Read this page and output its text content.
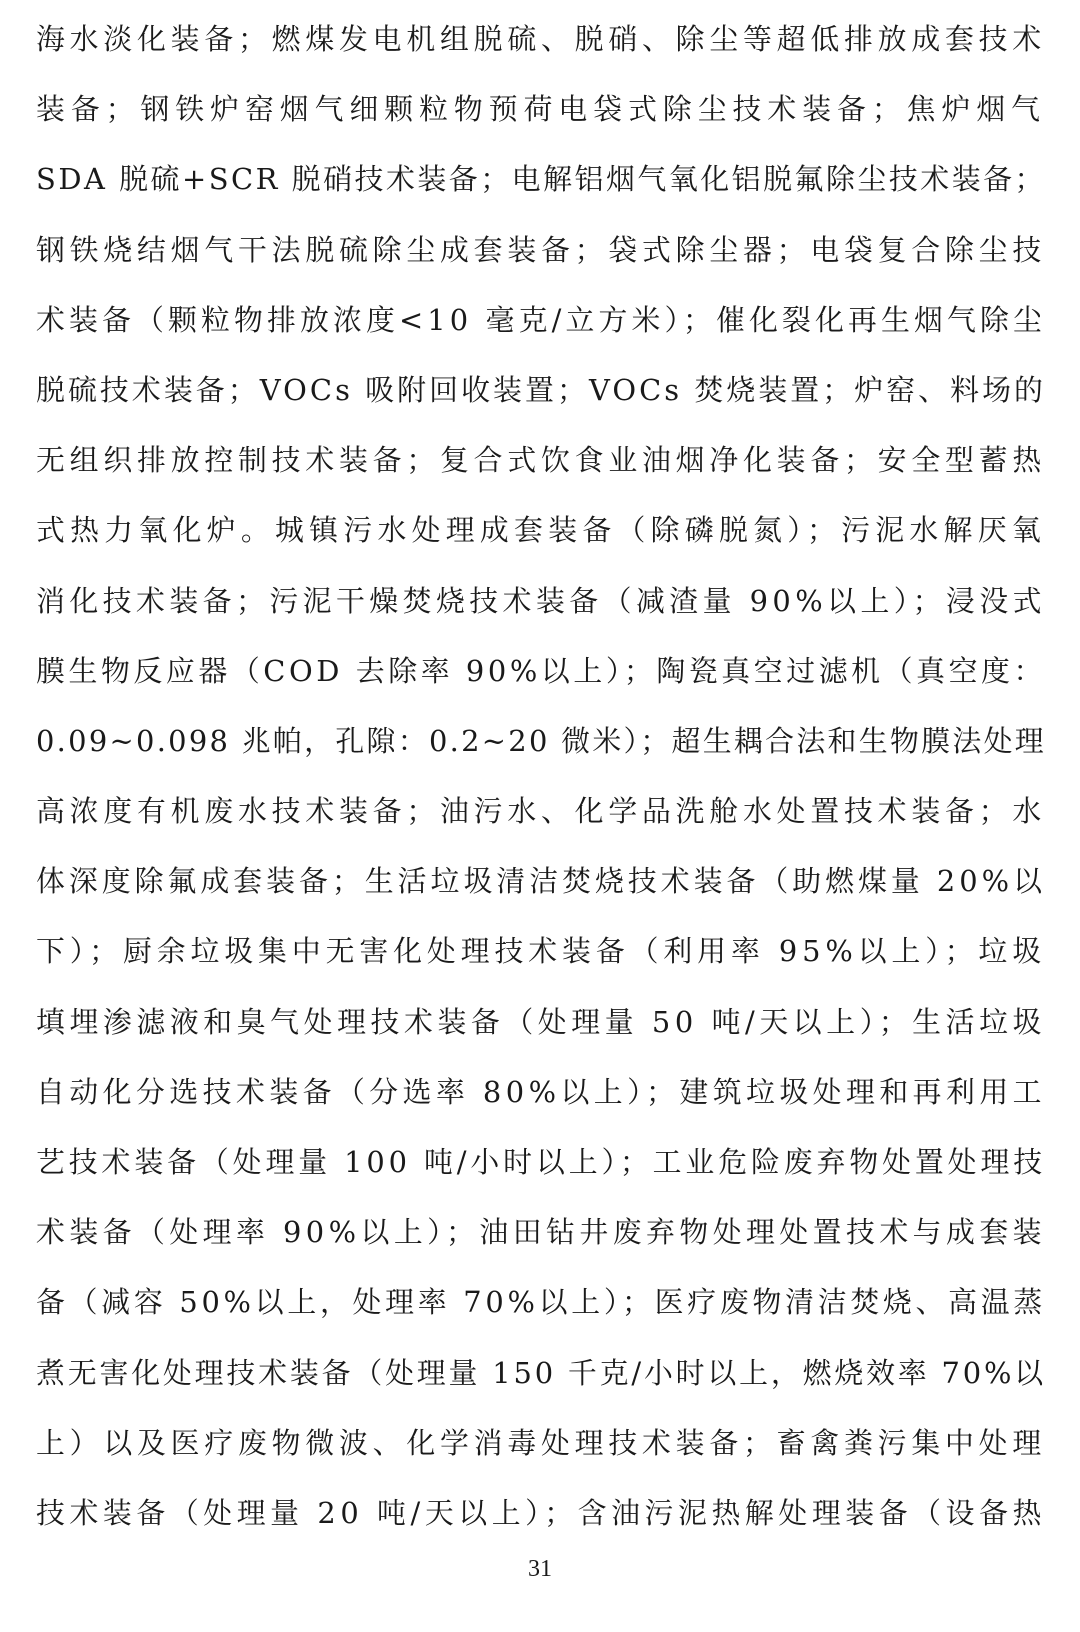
海水淡化装备；燃煤发电机组脱硫、脱硝、除尘等超低排放成套技术
装备；钢铁炉窑烟气细颗粒物预荷电袋式除尘技术装备；焦炉烟气
SDA 脱硫+SCR 脱硝技术装备；电解铝烟气氧化铝脱氟除尘技术装备；
钢铁烧结烟气干法脱硫除尘成套装备；袋式除尘器；电袋复合除尘技
术装备（颗粒物排放浓度<10 毫克/立方米）；催化裂化再生烟气除尘
脱硫技术装备；VOCs 吸附回收装置；VOCs 焚烧装置；炉窑、料场的
无组织排放控制技术装备；复合式饮食业油烟净化装备；安全型蓄热
式热力氧化炉。城镇污水处理成套装备（除磷脱氮）；污泥水解厌氧
消化技术装备；污泥干燥焚烧技术装备（减渣量 90%以上）；浸没式
膜生物反应器（COD 去除率 90%以上）；陶瓷真空过滤机（真空度：
0.09~0.098 兆帕，孔隙：0.2~20 微米）；超生耦合法和生物膜法处理
高浓度有机废水技术装备；油污水、化学品洗舱水处置技术装备；水
体深度除氟成套装备；生活垃圾清洁焚烧技术装备（助燃煤量 20%以
下）；厨余垃圾集中无害化处理技术装备（利用率 95%以上）；垃圾
填埋渗滤液和臭气处理技术装备（处理量 50 吨/天以上）；生活垃圾
自动化分选技术装备（分选率 80%以上）；建筑垃圾处理和再利用工
艺技术装备（处理量 100 吨/小时以上）；工业危险废弃物处置处理技
术装备（处理率 90%以上）；油田钻井废弃物处理处置技术与成套装
备（减容 50%以上，处理率 70%以上）；医疗废物清洁焚烧、高温蒸
煮无害化处理技术装备（处理量 150 千克/小时以上，燃烧效率 70%以
上）以及医疗废物微波、化学消毒处理技术装备；畜禽粪污集中处理
技术装备（处理量 20 吨/天以上）；含油污泥热解处理装备（设备热
31
